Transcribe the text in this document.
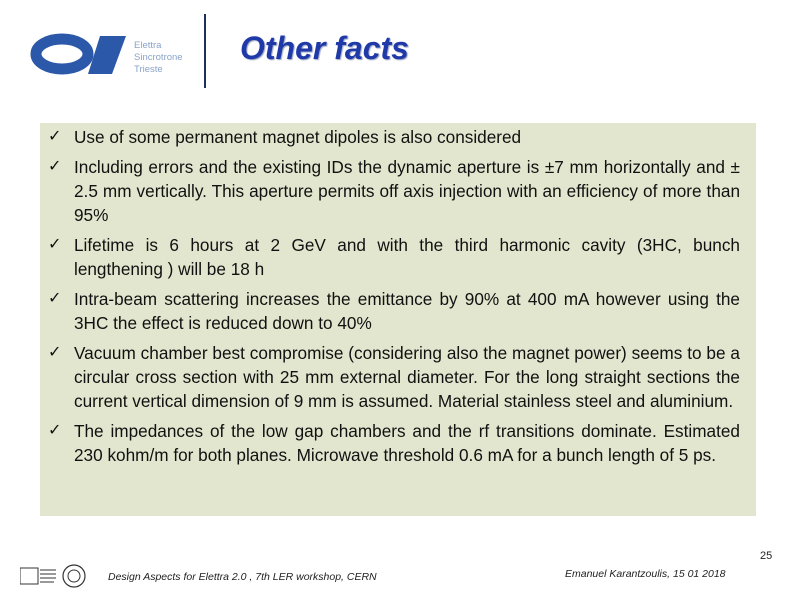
Elettra
Sincrotrone
Trieste
Other facts
✓ Use of some permanent magnet dipoles is also considered
✓ Including errors and the existing IDs the dynamic aperture is ±7 mm horizontally and ± 2.5 mm vertically. This aperture permits off axis injection with an efficiency of more than 95%
✓ Lifetime is 6 hours at 2 GeV and with the third harmonic cavity (3HC, bunch lengthening ) will be 18 h
✓ Intra-beam scattering increases the emittance by 90% at 400 mA however using the 3HC the effect is reduced down to 40%
✓ Vacuum chamber best compromise (considering also the magnet power) seems to be a circular cross section with 25 mm external diameter. For the long straight sections the current vertical dimension of 9 mm is assumed. Material stainless steel and aluminium.
✓ The impedances of the low gap chambers and the rf transitions dominate. Estimated 230 kohm/m for both planes. Microwave threshold 0.6 mA for a bunch length of 5 ps.
Design Aspects for Elettra 2.0 , 7th LER workshop, CERN	Emanuel Karantzoulis, 15 01 2018
25
